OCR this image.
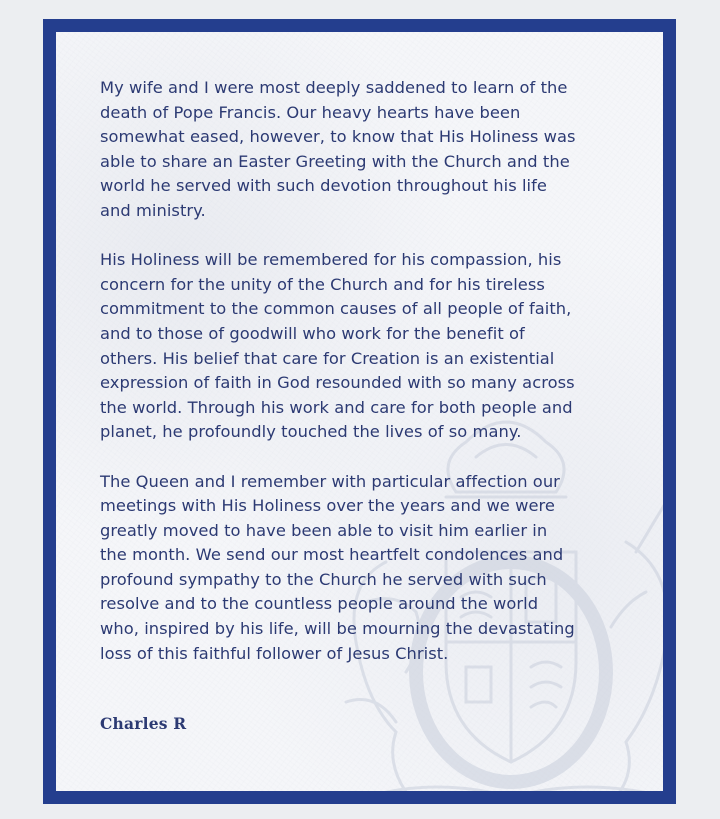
DIEU ET	MON DROIT

My wife and I were most deeply saddened to learn of the
death of Pope Francis. Our heavy hearts have been
somewhat eased, however, to know that His Holiness was
able to share an Easter Greeting with the Church and the
world he served with such devotion throughout his life
and ministry.

His Holiness will be remembered for his compassion, his
concern for the unity of the Church and for his tireless
commitment to the common causes of all people of faith,
and to those of goodwill who work for the benefit of
others. His belief that care for Creation is an existential
expression of faith in God resounded with so many across
the world. Through his work and care for both people and
planet, he profoundly touched the lives of so many.

The Queen and I remember with particular affection our
meetings with His Holiness over the years and we were
greatly moved to have been able to visit him earlier in
the month. We send our most heartfelt condolences and
profound sympathy to the Church he served with such
resolve and to the countless people around the world
who, inspired by his life, will be mourning the devastating
loss of this faithful follower of Jesus Christ.

Charles R
